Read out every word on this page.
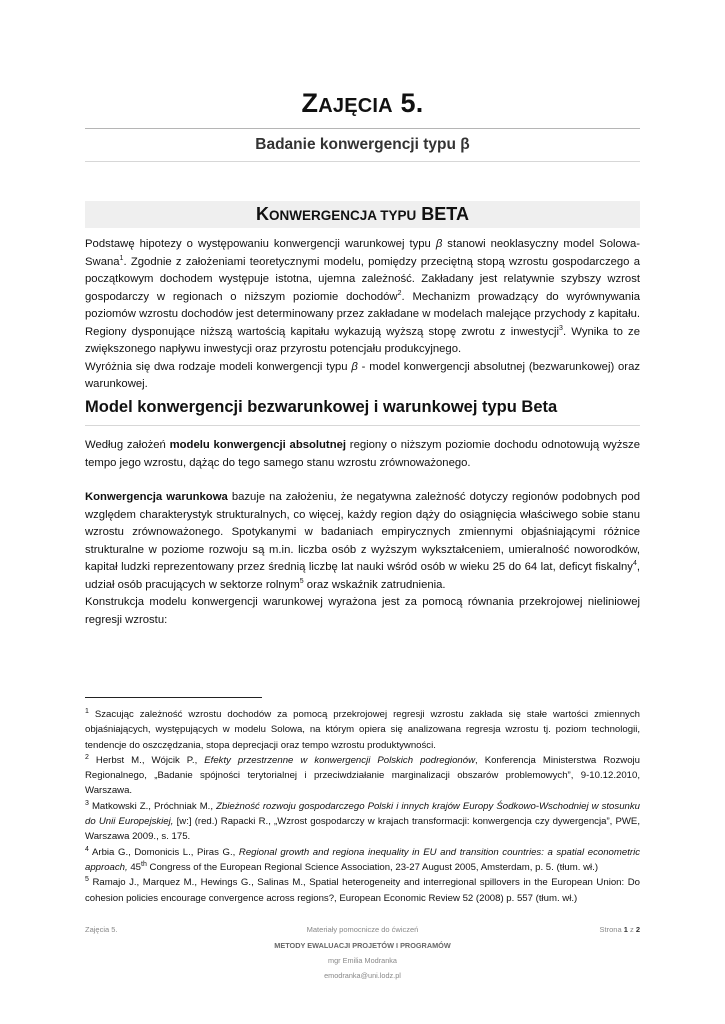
ZAJĘCIA 5.
Badanie konwergencji typu β
KONWERGENCJA TYPU BETA

Podstawę hipotezy o występowaniu konwergencji warunkowej typu β stanowi neoklasyczny model Solowa-Swana$^1$. Zgodnie z założeniami teoretycznymi modelu, pomiędzy przeciętną stopą wzrostu gospodarczego a początkowym dochodem występuje istotna, ujemna zależność. Zakładany jest relatywnie szybszy wzrost gospodarczy w regionach o niższym poziomie dochodów$^2$. Mechanizm prowadzący do wyrównywania poziomów wzrostu dochodów jest determinowany przez zakładane w modelach malejące przychody z kapitału. Regiony dysponujące niższą wartością kapitału wykazują wyższą stopę zwrotu z inwestycji$^3$. Wynika to ze zwiększonego napływu inwestycji oraz przyrostu potencjału produkcyjnego.

Wyróżnia się dwa rodzaje modeli konwergencji typu β - model konwergencji absolutnej (bezwarunkowej) oraz warunkowej.

Model konwergencji bezwarunkowej i warunkowej typu Beta

Według założeń modelu konwergencji absolutnej regiony o niższym poziomie dochodu odnotowują wyższe tempo jego wzrostu, dążąc do tego samego stanu wzrostu zrównoważonego.

Konwergencja warunkowa bazuje na założeniu, że negatywna zależność dotyczy regionów podobnych pod względem charakterystyk strukturalnych, co więcej, każdy region dąży do osiągnięcia właściwego sobie stanu wzrostu zrównoważonego. Spotykanymi w badaniach empirycznych zmiennymi objaśniającymi różnice strukturalne w poziome rozwoju są m.in. liczba osób z wyższym wykształceniem, umieralność noworodków, kapitał ludzki reprezentowany przez średnią liczbę lat nauki wśród osób w wieku 25 do 64 lat, deficyt fiskalny$^4$, udział osób pracujących w sektorze rolnym$^5$ oraz wskaźnik zatrudnienia.

Konstrukcja modelu konwergencji warunkowej wyrażona jest za pomocą równania przekrojowej nieliniowej regresji wzrostu:

$^1$ Szacując zależność wzrostu dochodów za pomocą przekrojowej regresji wzrostu zakłada się stałe wartości zmiennych objaśniających, występujących w modelu Solowa, na którym opiera się analizowana regresja wzrostu tj. poziom technologii, tendencje do oszczędzania, stopa deprecjacji oraz tempo wzrostu produktywności.

$^2$ Herbst M., Wójcik P., Efekty przestrzenne w konwergencji Polskich podregionów, Konferencja Ministerstwa Rozwoju Regionalnego, „Badanie spójności terytorialnej i przeciwdziałanie marginalizacji obszarów problemowych”, 9-10.12.2010, Warszawa.

$^3$ Matkowski Z., Próchniak M., Zbieżność rozwoju gospodarczego Polski i innych krajów Europy Śodkowo-Wschodniej w stosunku do Unii Europejskiej, [w:] (red.) Rapacki R., „Wzrost gospodarczy w krajach transformacji: konwergencja czy dywergencja”, PWE, Warszawa 2009., s. 175.

$^4$ Arbia G., Domonicis L., Piras G., Regional growth and regiona inequality in EU and transition countries: a spatial econometric approach, 45th Congress of the European Regional Science Association, 23-27 August 2005, Amsterdam, p. 5. (tłum. wł.)

$^5$ Ramajo J., Marquez M., Hewings G., Salinas M., Spatial heterogeneity and interregional spillovers in the European Union: Do cohesion policies encourage convergence across regions?, European Economic Review 52 (2008) p. 557 (tłum. wł.)

Zajęcia 5.	Materiały pomocnicze do ćwiczeń	Strona 1 z 2
METODY EWALUACJI PROJETÓW I PROGRAMÓW
mgr Emilia Modranka
emodranka@uni.lodz.pl
